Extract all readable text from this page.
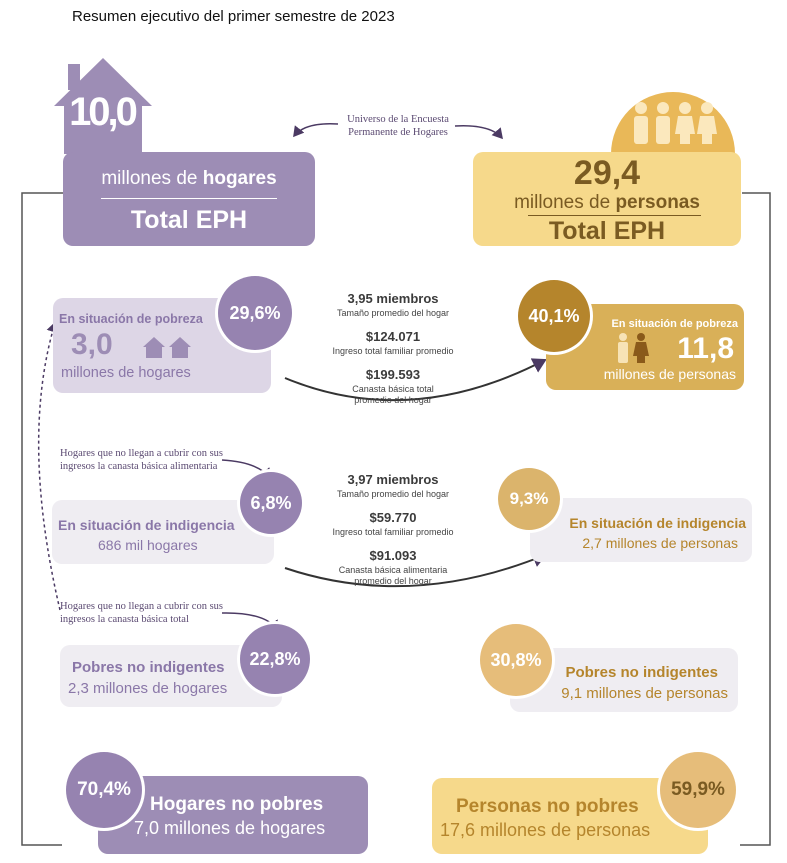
Resumen ejecutivo del primer semestre de 2023
10,0
millones de hogares
Total EPH
Universo de la Encuesta Permanente de Hogares
29,4
millones de personas
Total EPH
En situación de pobreza
3,0
millones de hogares
29,6%
3,95 miembros
Tamaño promedio del hogar
$124.071
Ingreso total familiar promedio
$199.593
Canasta básica total
promedio del hogar
En situación de pobreza
11,8
millones de personas
40,1%
Hogares que no llegan a cubrir con sus ingresos la canasta básica alimentaria
En situación de indigencia
686 mil hogares
6,8%
3,97 miembros
Tamaño promedio del hogar
$59.770
Ingreso total familiar promedio
$91.093
Canasta básica alimentaria
promedio del hogar
En situación de indigencia
2,7 millones de personas
9,3%
Hogares que no llegan a cubrir con sus ingresos la canasta básica total
Pobres no indigentes
2,3 millones de hogares
22,8%
Pobres no indigentes
9,1 millones de personas
30,8%
Hogares no pobres
7,0 millones de hogares
70,4%
Personas no pobres
17,6 millones de personas
59,9%
